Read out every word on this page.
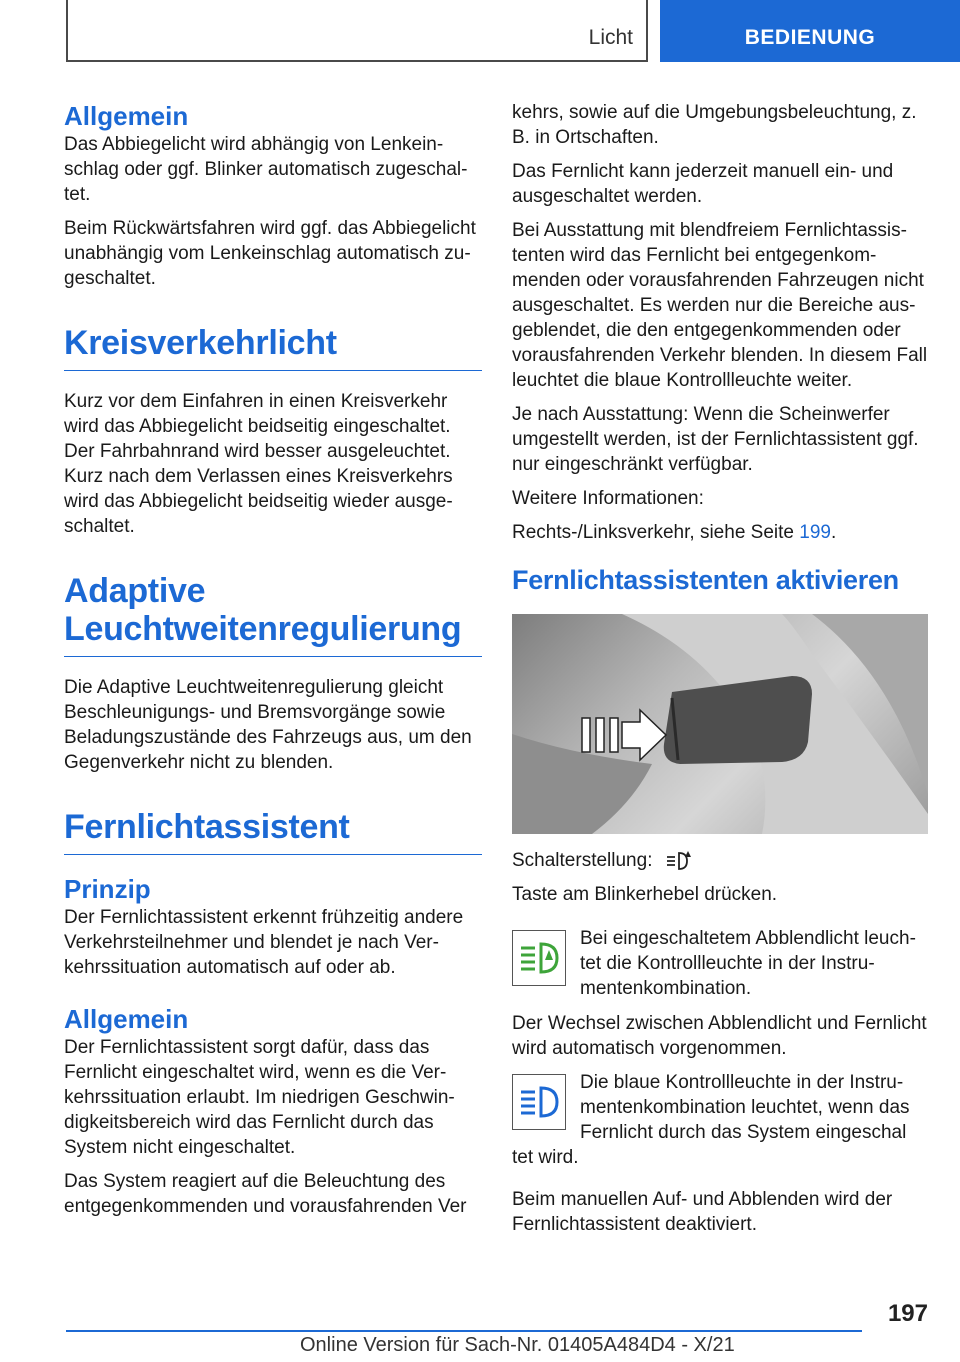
Licht	BEDIENUNG
Allgemein

Das Abbiegelicht wird abhängig von Lenkeinschlag oder ggf. Blinker automatisch zugeschaltet.

Beim Rückwärtsfahren wird ggf. das Abbiegelicht unabhängig vom Lenkeinschlag automatisch zugeschaltet.

Kreisverkehrlicht

Kurz vor dem Einfahren in einen Kreisverkehr wird das Abbiegelicht beidseitig eingeschaltet. Der Fahrbahnrand wird besser ausgeleuchtet. Kurz nach dem Verlassen eines Kreisverkehrs wird das Abbiegelicht beidseitig wieder ausgeschaltet.

Adaptive Leuchtweitenregulierung

Die Adaptive Leuchtweitenregulierung gleicht Beschleunigungs- und Bremsvorgänge sowie Beladungszustände des Fahrzeugs aus, um den Gegenverkehr nicht zu blenden.

Fernlichtassistent
Prinzip

Der Fernlichtassistent erkennt frühzeitig andere Verkehrsteilnehmer und blendet je nach Verkehrssituation automatisch auf oder ab.

Allgemein

Der Fernlichtassistent sorgt dafür, dass das Fernlicht eingeschaltet wird, wenn es die Verkehrssituation erlaubt. Im niedrigen Geschwindigkeitsbereich wird das Fernlicht durch das System nicht eingeschaltet.

Das System reagiert auf die Beleuchtung des entgegenkommenden und vorausfahrenden Ver

kehrs, sowie auf die Umgebungsbeleuchtung, z. B. in Ortschaften.

Das Fernlicht kann jederzeit manuell ein- und ausgeschaltet werden.

Bei Ausstattung mit blendfreiem Fernlichtassistenten wird das Fernlicht bei entgegenkommenden oder vorausfahrenden Fahrzeugen nicht ausgeschaltet. Es werden nur die Bereiche ausgeblendet, die den entgegenkommenden oder vorausfahrenden Verkehr blenden. In diesem Fall leuchtet die blaue Kontrollleuchte weiter.

Je nach Ausstattung: Wenn die Scheinwerfer umgestellt werden, ist der Fernlichtassistent ggf. nur eingeschränkt verfügbar.

Weitere Informationen:

Rechts-/Linksverkehr, siehe Seite 199.

Fernlichtassistenten aktivieren

Schalterstellung:

Taste am Blinkerhebel drücken.

Bei eingeschaltetem Abblendlicht leuchtet die Kontrollleuchte in der Instrumentenkombination.

Der Wechsel zwischen Abblendlicht und Fernlicht wird automatisch vorgenommen.

Die blaue Kontrollleuchte in der Instrumentenkombination leuchtet, wenn das Fernlicht durch das System eingeschal

tet wird.

Beim manuellen Auf- und Abblenden wird der Fernlichtassistent deaktiviert.

197
Online Version für Sach-Nr. 01405A484D4 - X/21
